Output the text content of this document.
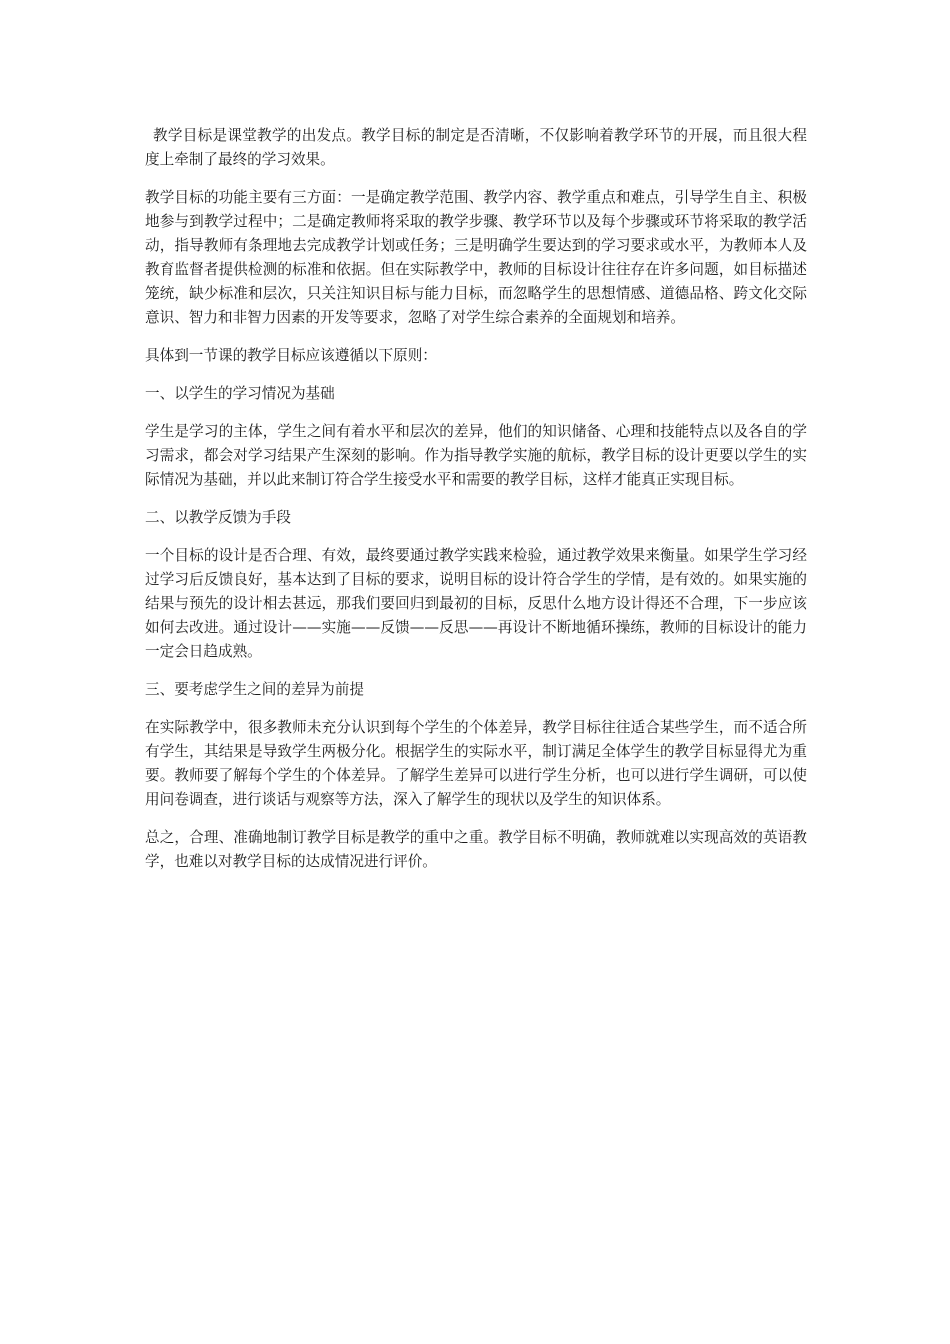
教学目标是课堂教学的出发点。教学目标的制定是否清晰，不仅影响着教学环节的开展，而且很大程度上牵制了最终的学习效果。

教学目标的功能主要有三方面：一是确定教学范围、教学内容、教学重点和难点，引导学生自主、积极地参与到教学过程中；二是确定教师将采取的教学步骤、教学环节以及每个步骤或环节将采取的教学活动，指导教师有条理地去完成教学计划或任务；三是明确学生要达到的学习要求或水平，为教师本人及教育监督者提供检测的标准和依据。但在实际教学中，教师的目标设计往往存在许多问题，如目标描述笼统，缺少标准和层次，只关注知识目标与能力目标，而忽略学生的思想情感、道德品格、跨文化交际意识、智力和非智力因素的开发等要求，忽略了对学生综合素养的全面规划和培养。

具体到一节课的教学目标应该遵循以下原则：

一、以学生的学习情况为基础

学生是学习的主体，学生之间有着水平和层次的差异，他们的知识储备、心理和技能特点以及各自的学习需求，都会对学习结果产生深刻的影响。作为指导教学实施的航标，教学目标的设计更要以学生的实际情况为基础，并以此来制订符合学生接受水平和需要的教学目标，这样才能真正实现目标。

二、以教学反馈为手段

一个目标的设计是否合理、有效，最终要通过教学实践来检验，通过教学效果来衡量。如果学生学习经过学习后反馈良好，基本达到了目标的要求，说明目标的设计符合学生的学情，是有效的。如果实施的结果与预先的设计相去甚远，那我们要回归到最初的目标，反思什么地方设计得还不合理，下一步应该如何去改进。通过设计——实施——反馈——反思——再设计不断地循环操练，教师的目标设计的能力一定会日趋成熟。

三、要考虑学生之间的差异为前提

在实际教学中，很多教师未充分认识到每个学生的个体差异，教学目标往往适合某些学生，而不适合所有学生，其结果是导致学生两极分化。根据学生的实际水平，制订满足全体学生的教学目标显得尤为重要。教师要了解每个学生的个体差异。了解学生差异可以进行学生分析，也可以进行学生调研，可以使用问卷调查，进行谈话与观察等方法，深入了解学生的现状以及学生的知识体系。

总之，合理、准确地制订教学目标是教学的重中之重。教学目标不明确，教师就难以实现高效的英语教学，也难以对教学目标的达成情况进行评价。
